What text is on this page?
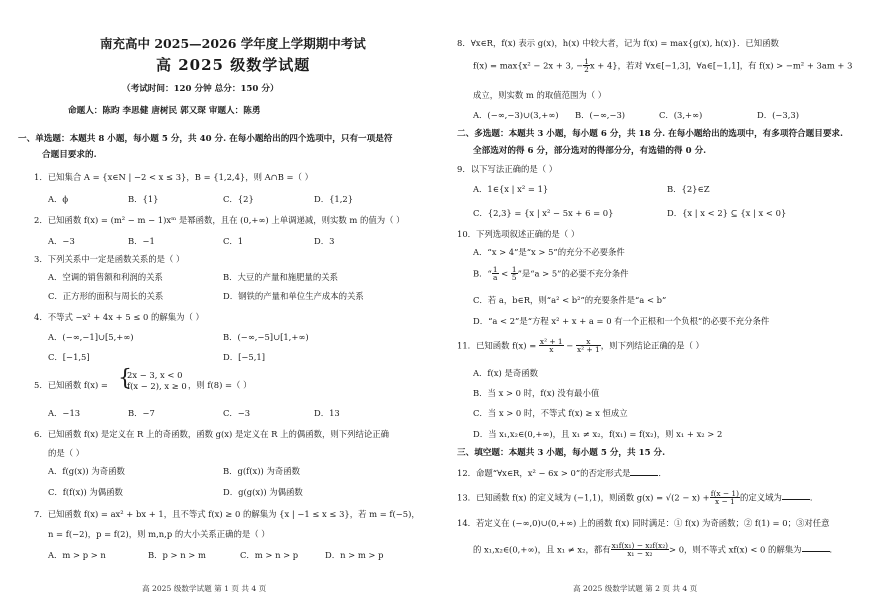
南充高中 2025—2026 学年度上学期期中考试
高 2025 级数学试题
（考试时间：120 分钟 总分：150 分）
命题人：陈昀 李思健 唐树民 郭又琛 审题人：陈勇
一、单选题：本题共 8 小题，每小题 5 分，共 40 分. 在每小题给出的四个选项中，只有一项是符
合题目要求的.
1．已知集合 A = {x∈N | −2 < x ≤ 3}，B = {1,2,4}，则 A∩B =（ ）
A．ϕ	B．{1}	C．{2}	D．{1,2}
2．已知函数 f(x) = (m² − m − 1)xᵐ 是幂函数，且在 (0,+∞) 上单调递减，则实数 m 的值为（ ）
A．−3	B．−1	C．1	D．3
3．下列关系中一定是函数关系的是（ ）
A．空调的销售额和利润的关系	B．大豆的产量和施肥量的关系
C．正方形的面积与周长的关系	D．钢铁的产量和单位生产成本的关系
4．不等式 −x² + 4x + 5 ≤ 0 的解集为（ ）
A．(−∞,−1]∪[5,+∞)	B．(−∞,−5]∪[1,+∞)
C．[−1,5]	D．[−5,1]
5．已知函数 f(x) = {
2x − 3, x < 0
f(x − 2), x ≥ 0 ，则 f(8) =（ ）
A．−13	B．−7	C．−3	D．13
6．已知函数 f(x) 是定义在 R 上的奇函数，函数 g(x) 是定义在 R 上的偶函数，则下列结论正确
的是（ ）
A．f(g(x)) 为奇函数	B．g(f(x)) 为奇函数
C．f(f(x)) 为偶函数	D．g(g(x)) 为偶函数
7．已知函数 f(x) = ax² + bx + 1，且不等式 f(x) ≥ 0 的解集为 {x | −1 ≤ x ≤ 3}，若 m = f(−5)，
n = f(−2)，p = f(2)，则 m,n,p 的大小关系正确的是（ ）
A．m > p > n	B．p > n > m	C．m > n > p	D．n > m > p
高 2025 级数学试题 第 1 页 共 4 页
8．∀x∈R，f(x) 表示 g(x)，h(x) 中较大者，记为 f(x) = max{g(x), h(x)}．已知函数
f(x) = max{x² − 2x + 3, − $\frac{1}{2}$ x + 4}，若对 ∀x∈[−1,3]，∀a∈[−1,1]，有 f(x) > −m² + 3am + 3
成立，则实数 m 的取值范围为（ ）
A．(−∞,−3)∪(3,+∞) B．(−∞,−3)	C．(3,+∞)	D．(−3,3)
二、多选题：本题共 3 小题，每小题 6 分，共 18 分. 在每小题给出的选项中，有多项符合题目要求.
全部选对的得 6 分，部分选对的得部分分，有选错的得 0 分.
9．以下写法正确的是（ ）
A．1∈{x | x² = 1}	B．{2}∈Z
C．{2,3} = {x | x² − 5x + 6 = 0}	D．{x | x < 2} ⊆ {x | x < 0}
10．下列选项叙述正确的是（ ）
A．“x > 4”是“x > 5”的充分不必要条件
B．“ $\frac{1}{a} < \frac{1}{5}$ ”是“a > 5”的必要不充分条件
C．若 a，b∈R，则“a² < b²”的充要条件是“a < b”
D．“a < 2”是“方程 x² + x + a = 0 有一个正根和一个负根”的必要不充分条件
11．已知函数 $f(x) = \frac{\text{x² + 1}}{x} - \frac{x}{\text{x² + 1}}$ ，则下列结论正确的是（ ）
A．f(x) 是奇函数
B．当 x > 0 时，f(x) 没有最小值
C．当 x > 0 时，不等式 f(x) ≥ x 恒成立
D．当 x₁,x₂∈(0,+∞)，且 x₁ ≠ x₂，f(x₁) = f(x₂)，则 x₁ + x₂ > 2
三、填空题：本题共 3 小题，每小题 5 分，共 15 分.
12．命题“∀x∈R，x² − 6x > 0”的否定形式是	．
13．已知函数 f(x) 的定义域为 (−1,1)，则函数 $g(x) = √(2 - x) + \frac{f(x - 1)}{x - 1}$ 的定义域为	．
14．若定义在 (−∞,0)∪(0,+∞) 上的函数 f(x) 同时满足：① f(x) 为奇函数；② f(1) = 0；③对任意
的 x₁,x₂∈(0,+∞)，且 x₁ ≠ x₂，都有 $\frac{\text{x₁f(x₁) − x₂f(x₂)}}{\text{x₁ − x₂}} > 0$，则不等式 xf(x) < 0 的解集为	．
高 2025 级数学试题 第 2 页 共 4 页
